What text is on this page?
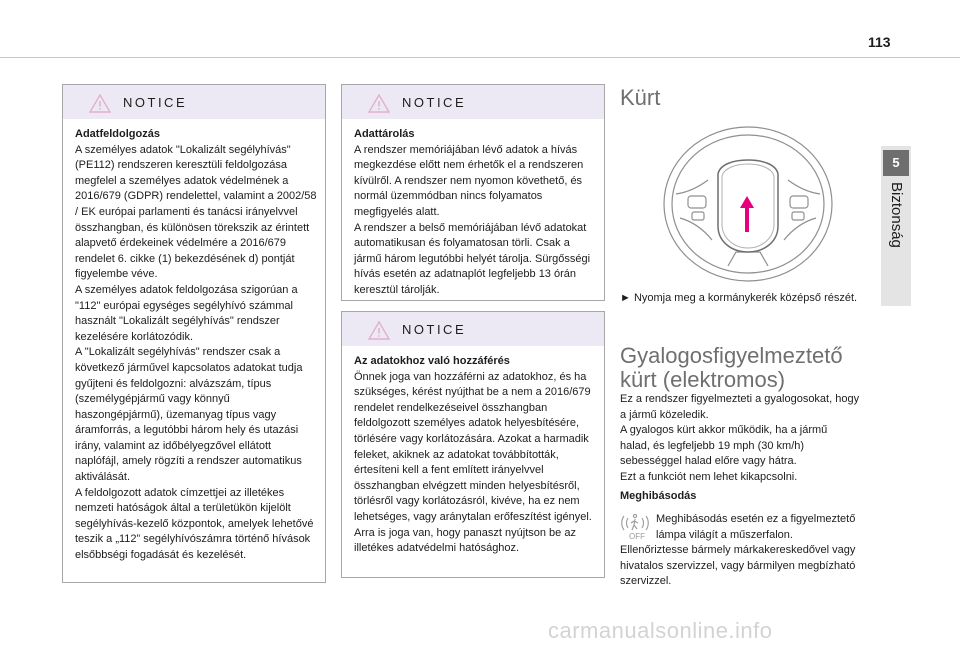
113
5
Biztonság
NOTICE
Adatfeldolgozás
A személyes adatok "Lokalizált segélyhívás" (PE112) rendszeren keresztüli feldolgozása megfelel a személyes adatok védelmének a 2016/679 (GDPR) rendelettel, valamint a 2002/58 / EK európai parlamenti és tanácsi irányelvvel összhangban, és különösen törekszik az érintett alapvető érdekeinek védelmére a 2016/679 rendelet 6. cikke (1) bekezdésének d) pontját figyelembe véve.
A személyes adatok feldolgozása szigorúan a "112" európai egységes segélyhívó számmal használt "Lokalizált segélyhívás" rendszer kezelésére korlátozódik.
A "Lokalizált segélyhívás" rendszer csak a következő járművel kapcsolatos adatokat tudja gyűjteni és feldolgozni: alvázszám, típus (személygépjármű vagy könnyű haszongépjármű), üzemanyag típus vagy áramforrás, a legutóbbi három hely és utazási irány, valamint az időbélyegzővel ellátott naplófájl, amely rögzíti a rendszer automatikus aktiválását.
A feldolgozott adatok címzettjei az illetékes nemzeti hatóságok által a területükön kijelölt segélyhívás-kezelő központok, amelyek lehetővé teszik a „112” segélyhívószámra történő hívások elsőbbségi fogadását és kezelését.
NOTICE
Adattárolás
A rendszer memóriájában lévő adatok a hívás megkezdése előtt nem érhetők el a rendszeren kívülről. A rendszer nem nyomon követhető, és normál üzemmódban nincs folyamatos megfigyelés alatt.
A rendszer a belső memóriájában lévő adatokat automatikusan és folyamatosan törli. Csak a jármű három legutóbbi helyét tárolja. Sürgősségi hívás esetén az adatnaplót legfeljebb 13 órán keresztül tárolják.
NOTICE
Az adatokhoz való hozzáférés
Önnek joga van hozzáférni az adatokhoz, és ha szükséges, kérést nyújthat be a nem a 2016/679 rendelet rendelkezéseivel összhangban feldolgozott személyes adatok helyesbítésére, törlésére vagy korlátozására. Azokat a harmadik feleket, akiknek az adatokat továbbították, értesíteni kell a fent említett irányelvvel összhangban elvégzett minden helyesbítésről, törlésről vagy korlátozásról, kivéve, ha ez nem lehetséges, vagy aránytalan erőfeszítést igényel.
Arra is joga van, hogy panaszt nyújtson be az illetékes adatvédelmi hatósághoz.
Kürt
► Nyomja meg a kormánykerék középső részét.
Gyalogosfigyelmeztető
kürt (elektromos)
Ez a rendszer figyelmezteti a gyalogosokat, hogy a jármű közeledik.
A gyalogos kürt akkor működik, ha a jármű halad, és legfeljebb 19 mph (30 km/h) sebességgel halad előre vagy hátra.
Ezt a funkciót nem lehet kikapcsolni.
Meghibásodás
OFF
Meghibásodás esetén ez a figyelmeztető
lámpa világít a műszerfalon.
Ellenőriztesse bármely márkakereskedővel vagy hivatalos szervizzel, vagy bármilyen megbízható szervizzel.
carmanualsonline.info
